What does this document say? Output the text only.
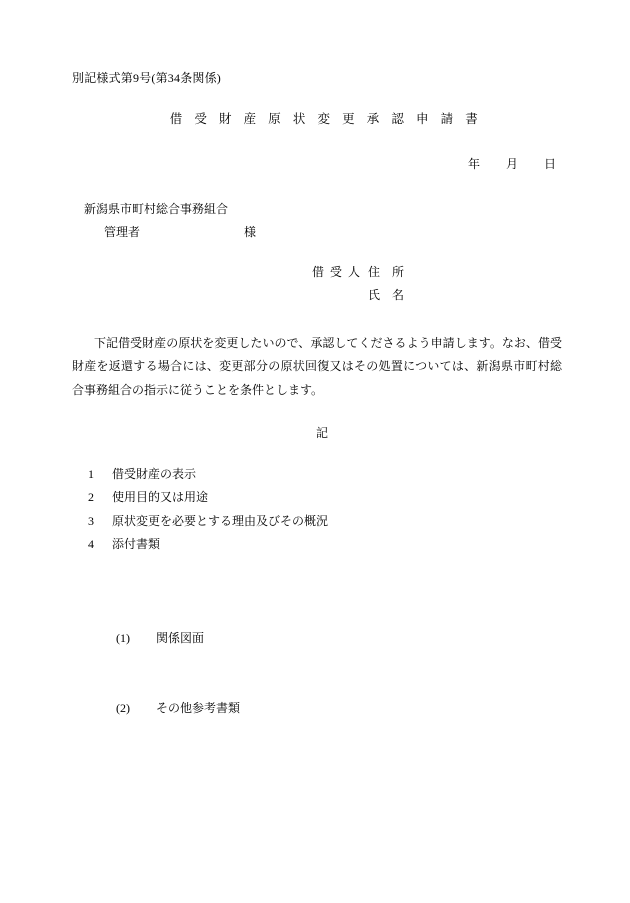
別記様式第9号(第34条関係)
借 受 財 産 原 状 変 更 承 認 申 請 書
年 月 日
新潟県市町村総合事務組合
管理者	様
借受人 住　所
氏　名

下記借受財産の原状を変更したいので、承認してくださるよう申請します。なお、借受財産を返還する場合には、変更部分の原状回復又はその処置については、新潟県市町村総合事務組合の指示に従うことを条件とします。

記
1 借受財産の表示
2 使用目的又は用途
3 原状変更を必要とする理由及びその概況
4 添付書類

(1) 関係図面

(2) その他参考書類
